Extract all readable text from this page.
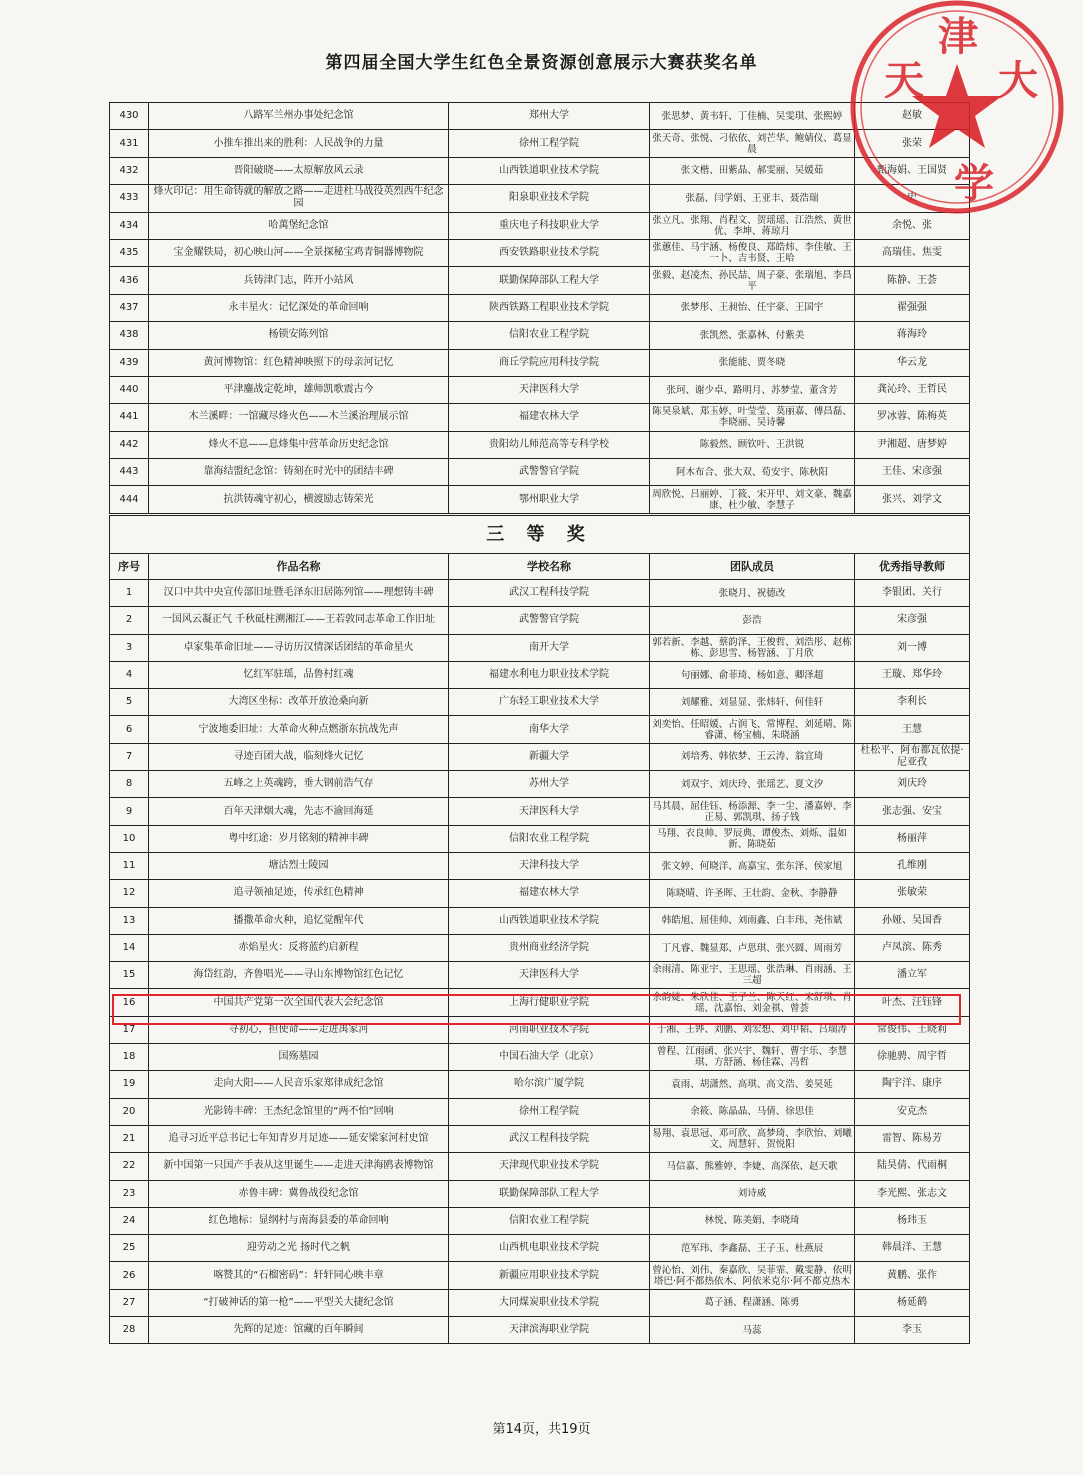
第四届全国大学生红色全景资源创意展示大赛获奖名单
430	八路军兰州办事处纪念馆	郑州大学	张思梦、黄韦轩、丁佳楠、吴雯琪、张熙婷	赵敏
431	小推车推出来的胜利：人民战争的力量	徐州工程学院	张天奇、张悦、刁依依、刘芒华、鲍婧仪、葛显晨	张荣
432	晋阳破晓——太原解放风云录	山西铁道职业技术学院	张文楷、田紫晶、郝雯丽、吴媛茹	甄海娟、王国贤
433	烽火印记：用生命铸就的解放之路——走进杜马战役英烈西牛纪念园	阳泉职业技术学院	张磊、闫学娟、王亚丰、聂浩瑞	史
434	哈萬堡纪念馆	重庆电子科技职业大学	张立凡、张翔、肖程文、贺瑶瑶、江浩然、黄世优、李坤、蒋琼月	余悦、张
435	宝金耀铁局，初心映山河——全景探秘宝鸡青铜器博物院	西安铁路职业技术学院	张蕙佳、马宇涵、杨俊良、郑皓炜、李佳敏、王一卜、吉韦贤、王哈	高瑞佳、焦雯
436	兵铸津门志，阵开小站风	联勤保障部队工程大学	张毅、赵凌杰、孙民喆、周子豪、张瑞旭、李昌平	陈静、王荟
437	永丰星火：记忆深处的革命回响	陕西铁路工程职业技术学院	张梦彤、王昶怡、任宇豪、王国宇	翟强强
438	杨锁安陈列馆	信阳农业工程学院	张凯然、张嘉林、付紫美	蒋海玲
439	黄河博物馆：红色精神映照下的母亲河记忆	商丘学院应用科技学院	张能能、贾冬晓	华云龙
440	平津鏖战定乾坤，雄师凯歌震古今	天津医科大学	张珂、谢少卓、路明月、苏梦莹、董含芳	龚沁玲、王哲民
441	木兰溪畔：一馆藏尽烽火色——木兰溪治理展示馆	福建农林大学	陈昊泉斌、郑玉婷、叶莹莹、莫丽嘉、傅昌磊、李晓丽、吴诗馨	罗冰蓉、陈梅英
442	烽火不息——息烽集中营革命历史纪念馆	贵阳幼儿师范高等专科学校	陈毅然、顾钦叶、王洪锐	尹湘超、唐梦婷
443	靠海结盟纪念馆：铸刻在时光中的团结丰碑	武警警官学院	阿木布合、张大双、荀安宇、陈秋阳	王佳、宋彦强
444	抗洪铸魂守初心，横渡励志铸荣光	鄂州职业大学	周欣悦、吕丽婷、丁筱、宋开甲、刘文豪、魏嘉康、杜少敏、李慧子	张兴、刘学文
三 等 奖				
序号	作品名称	学校名称	团队成员	优秀指导教师
1	汉口中共中央宣传部旧址暨毛泽东旧居陈列馆——理想铸丰碑	武汉工程科技学院	张晓月、祝德改	李银团、关行
2	一国风云凝正气 千秋砥柱溯湘江——王若敦同志革命工作旧址	武警警官学院	彭浩	宋彦强
3	卓家集革命旧址——寻访历汉情深话团结的革命星火	南开大学	郭若新、李越、蔡韵泽、王俊哲、刘浩彤、赵栋栋、彭思雪、杨智涵、丁月欣	刘一博
4	忆红军驻瑶，品鲁村红魂	福建水利电力职业技术学院	句丽娜、俞菲琦、杨如意、卿泽超	王璇、郑华玲
5	大湾区坐标：改革开放沧桑向新	广东轻工职业技术大学	刘耀雅、刘显显、张炜轩、何佳轩	李利长
6	宁波地委旧址：大革命火种点燃浙东抗战先声	南华大学	刘奕怡、任昭媛、占润飞、常博程、刘延晴、陈睿潇、杨宝楠、朱晓涵	王慧
7	寻迹百团大战，临刻烽火记忆	新疆大学	刘培秀、韩依梦、王云涛、翁宜琦	杜松平、阿布都瓦依提·尼亚孜
8	五峰之上英魂跨，垂大钢前浩气存	苏州大学	刘双宇、刘庆玲、张瑶艺、夏文汐	刘庆玲
9	百年天津烟大魂，先志不渝回海延	天津医科大学	马其晨、屈佳钰、杨添源、李一尘、潘嘉婷、李正易、郭凯琪、扬子钱	张志强、安宝
10	粤中红途：岁月铭刻的精神丰碑	信阳农业工程学院	马翔、衣良帅、罗辰典、谭俊杰、刘烁、温如新、陈晓茹	杨丽萍
11	塘沽烈士陵园	天津科技大学	张文婷、何晓洋、高嘉宝、张东泽、侯家旭	孔维刚
12	追寻领袖足迹，传承红色精神	福建农林大学	陈晓晴、许圣晖、王壮韵、金秋、李静静	张敏荣
13	播撒革命火种，追忆觉醒年代	山西铁道职业技术学院	韩皓旭、屈佳帅、刘雨鑫、白丰玮、尧伟斌	孙娅、吴国香
14	赤焰星火：反将蓝约启新程	贵州商业经济学院	丁凡睿、魏显郑、卢思琪、张兴圆、周雨芳	卢凤滨、陈秀
15	海岱红韵，齐鲁唱光——寻山东博物馆红色记忆	天津医科大学	余雨清、陈亚宇、王思瑶、张浩琳、肖雨涵、王三超	潘立军
16	中国共产党第一次全国代表大会纪念馆	上海行健职业学院	余韵婕、朱欣佳、王子兰、陈天红、宋舒琪、肖瑶、沈嘉怡、刘金祺、曾荟	叶杰、汪钰锋
17	寻初心，担使命——走进禹家河	河南职业技术学院	于湘、王铧、刘鹏、刘宏想、刘甲韬、吕瑞涛	常俊伟、王晓莉
18	国殇墓园	中国石油大学（北京）	曾程、江雨函、张兴宇、魏轩、曹宇乐、李慧琪、方舒涵、杨佳霖、冯哲	徐驰骋、周宇哲
19	走向大阳——人民音乐家郑律成纪念馆	哈尔滨广厦学院	袁雨、胡潇然、高琪、高文浩、姜昊延	陶宇洋、康序
20	光影铸丰碑：王杰纪念馆里的“两不怕”回响	徐州工程学院	余筱、陈晶晶、马倩、徐思佳	安克杰
21	追寻习近平总书记七年知青岁月足迹——延安梁家河村史馆	武汉工程科技学院	易翔、袁思冠、邓可欣、高梦琦、李欣怡、刘曦文、周慧轩、贺悦阳	雷智、陈易芳
22	新中国第一只国产手表从这里诞生——走进天津海鸥表博物馆	天津现代职业技术学院	马信嘉、熊雅婷、李婕、高深依、赵天歌	陆昊倩、代雨桐
23	赤鲁丰碑：冀鲁战役纪念馆	联勤保障部队工程大学	刘诗威	李光熙、张志文
24	红色地标：显纲村与南海县委的革命回响	信阳农业工程学院	林悦、陈美娟、李晓琦	杨玮玉
25	迎劳动之光 扬时代之帆	山西机电职业技术学院	范军玮、李鑫磊、王子玉、杜燕辰	韩晨洋、王慧
26	喀赞其的“石榴密码”：轩轩同心映丰章	新疆应用职业技术学院	曾沁怡、刘伟、秦嘉欣、吴菲霏、戴雯静、依明塔巴·阿不都热依木、阿依米克尔·阿不都克热木	黄鹏、张作
27	“打破神话的第一枪”——平型关大捷纪念馆	大同煤炭职业技术学院	葛子涵、程潇涵、陈勇	杨延鹤
28	先辉的足迹：馆藏的百年瞬间	天津滨海职业学院	马蕊	李玉
天
津
大
学
第14页，共19页
